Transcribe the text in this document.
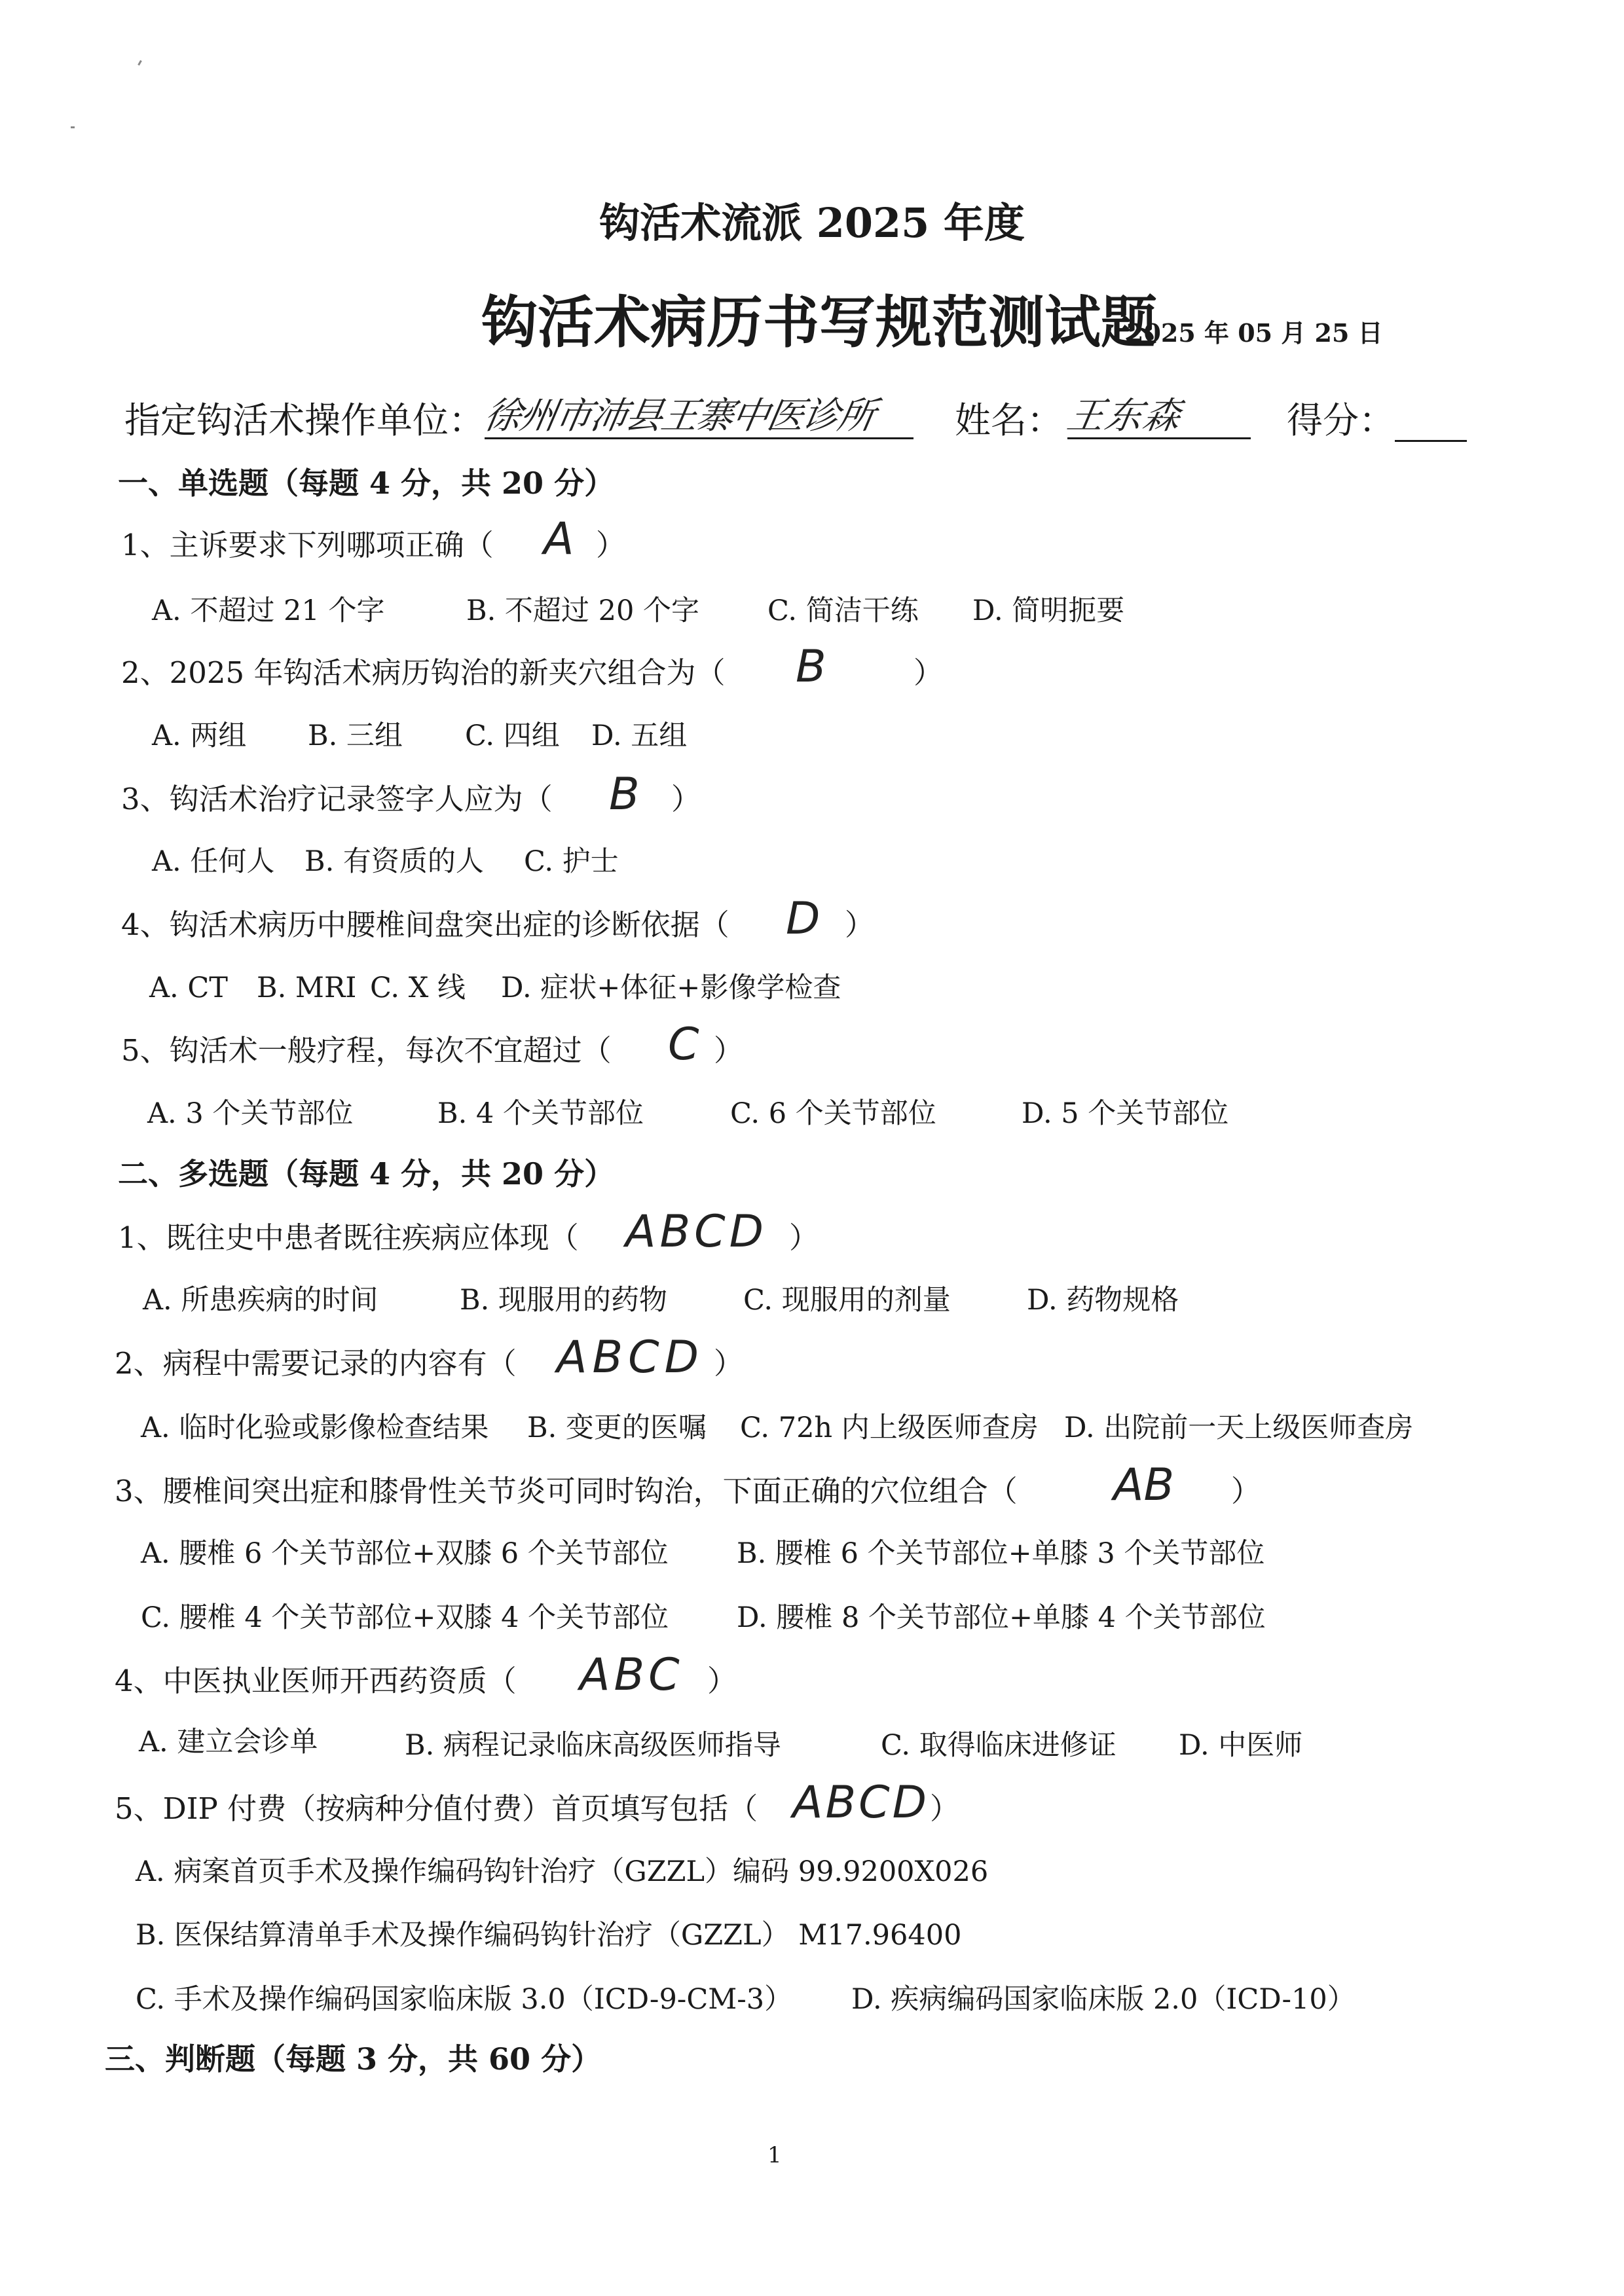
钩活术流派 2025 年度
钩活术病历书写规范测试题
2025 年 05 月 25 日
指定钩活术操作单位：
徐州市沛县王寨中医诊所 姓名： 王东森	得分：
一、单选题（每题 4 分，共 20 分）
1、主诉要求下列哪项正确（ A ）
A. 不超过 21 个字	B. 不超过 20 个字 C. 简洁干练 D. 简明扼要
2、2025 年钩活术病历钩治的新夹穴组合为（ B	）
A. 两组 B. 三组 C. 四组 D. 五组
3、钩活术治疗记录签字人应为（ B ）
A. 任何人 B. 有资质的人 C. 护士
4、钩活术病历中腰椎间盘突出症的诊断依据（ D ）
A. CT B. MRI C. X 线 D. 症状+体征+影像学检查
5、钩活术一般疗程，每次不宜超过（ C ）
A. 3 个关节部位	B. 4 个关节部位	C. 6 个关节部位	D. 5 个关节部位
二、多选题（每题 4 分，共 20 分）
1、既往史中患者既往疾病应体现（ ABCD ）
A. 所患疾病的时间	B. 现服用的药物	C. 现服用的剂量	D. 药物规格
2、病程中需要记录的内容有（ ABCD ）
A. 临时化验或影像检查结果 B. 变更的医嘱 C. 72h 内上级医师查房 D. 出院前一天上级医师查房
3、腰椎间突出症和膝骨性关节炎可同时钩治，下面正确的穴位组合（ AB ）
A. 腰椎 6 个关节部位+双膝 6 个关节部位 B. 腰椎 6 个关节部位+单膝 3 个关节部位
C. 腰椎 4 个关节部位+双膝 4 个关节部位 D. 腰椎 8 个关节部位+单膝 4 个关节部位
4、中医执业医师开西药资质（ ABC ）
A. 建立会诊单	B. 病程记录临床高级医师指导	C. 取得临床进修证 D. 中医师
5、DIP 付费（按病种分值付费）首页填写包括（ ABCD ）
A. 病案首页手术及操作编码钩针治疗（GZZL）编码 99.9200X026
B. 医保结算清单手术及操作编码钩针治疗（GZZL） M17.96400
C. 手术及操作编码国家临床版 3.0（ICD-9-CM-3） D. 疾病编码国家临床版 2.0（ICD-10）
三、判断题（每题 3 分，共 60 分）
1
